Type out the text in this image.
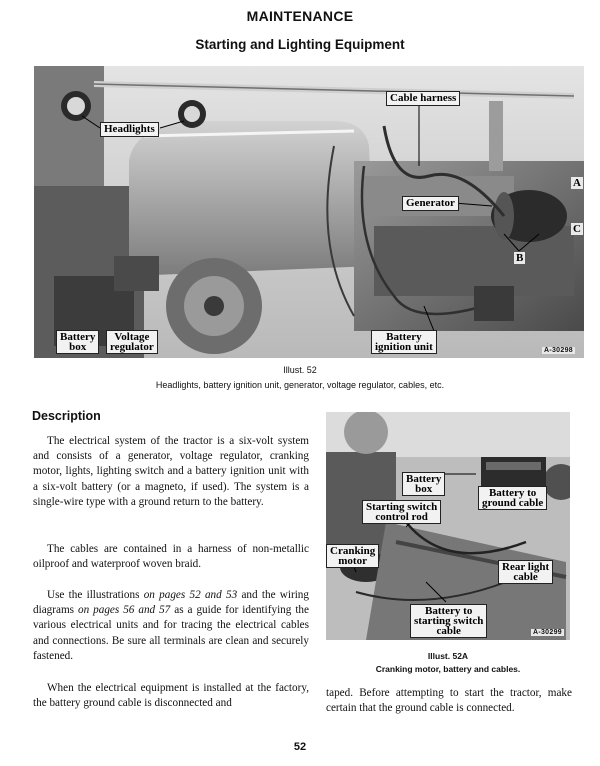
MAINTENANCE
Starting and Lighting Equipment
Headlights
Cable harness
Generator
A
C
B
Battery
box
Voltage
regulator
Battery
ignition unit	A-30298
Illust. 52
Headlights, battery ignition unit, generator, voltage regulator, cables, etc.
Description
The electrical system of the tractor is a six-volt system and consists of a generator, voltage regulator, cranking motor, lights, lighting switch and a battery ignition unit with a six-volt battery (or a magneto, if used). The system is a single-wire type with a ground return to the battery.
The cables are contained in a harness of non-metallic oilproof and waterproof woven braid.
Use the illustrations on pages 52 and 53 and the wiring diagrams on pages 56 and 57 as a guide for identifying the various electrical units and for tracing the electrical cables and connections. Be sure all terminals are clean and securely fastened.
When the electrical equipment is installed at the factory, the battery ground cable is disconnected and
Battery
box	Battery to
ground cable
Starting switch
control rod
Cranking
motor	Rear light
cable
Battery to
starting switch
cable	A-30299
Illust. 52A
Cranking motor, battery and cables.
taped. Before attempting to start the tractor, make certain that the ground cable is connected.
52
